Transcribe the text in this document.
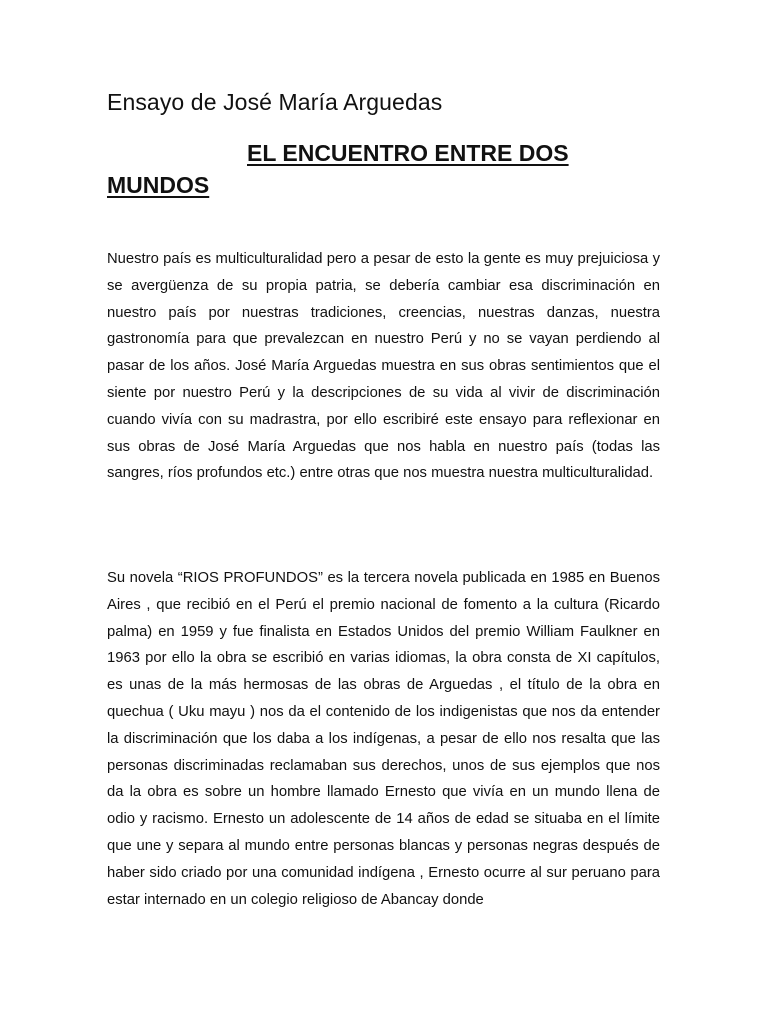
Ensayo de José María Arguedas
EL ENCUENTRO ENTRE DOS MUNDOS

Nuestro país es multiculturalidad pero a pesar de esto la gente es muy prejuiciosa y se avergüenza de su propia patria, se debería cambiar esa discriminación en nuestro país por nuestras tradiciones, creencias, nuestras danzas, nuestra gastronomía para que prevalezcan en nuestro Perú y no se vayan perdiendo al pasar de los años. José María Arguedas muestra en sus obras sentimientos que el siente por nuestro Perú y la descripciones de su vida al vivir de discriminación cuando vivía con su madrastra, por ello escribiré este ensayo para reflexionar en sus obras de José María Arguedas que nos habla en nuestro país (todas las sangres, ríos profundos etc.) entre otras que nos muestra nuestra multiculturalidad.

Su novela “RIOS PROFUNDOS” es la tercera novela publicada en 1985 en Buenos Aires , que recibió en el Perú el premio nacional de fomento a la cultura (Ricardo palma) en 1959 y fue finalista en Estados Unidos del premio William Faulkner en 1963 por ello la obra se escribió en varias idiomas, la obra consta de XI capítulos, es unas de la más hermosas de las obras de Arguedas , el título de la obra en quechua ( Uku mayu ) nos da el contenido de los indigenistas que nos da entender la discriminación que los daba a los indígenas, a pesar de ello nos resalta que las personas discriminadas reclamaban sus derechos, unos de sus ejemplos que nos da la obra es sobre un hombre llamado Ernesto que vivía en un mundo llena de odio y racismo. Ernesto un adolescente de 14 años de edad se situaba en el límite que une y separa al mundo entre personas blancas y personas negras después de haber sido criado por una comunidad indígena , Ernesto ocurre al sur peruano para estar internado en un colegio religioso de Abancay donde
